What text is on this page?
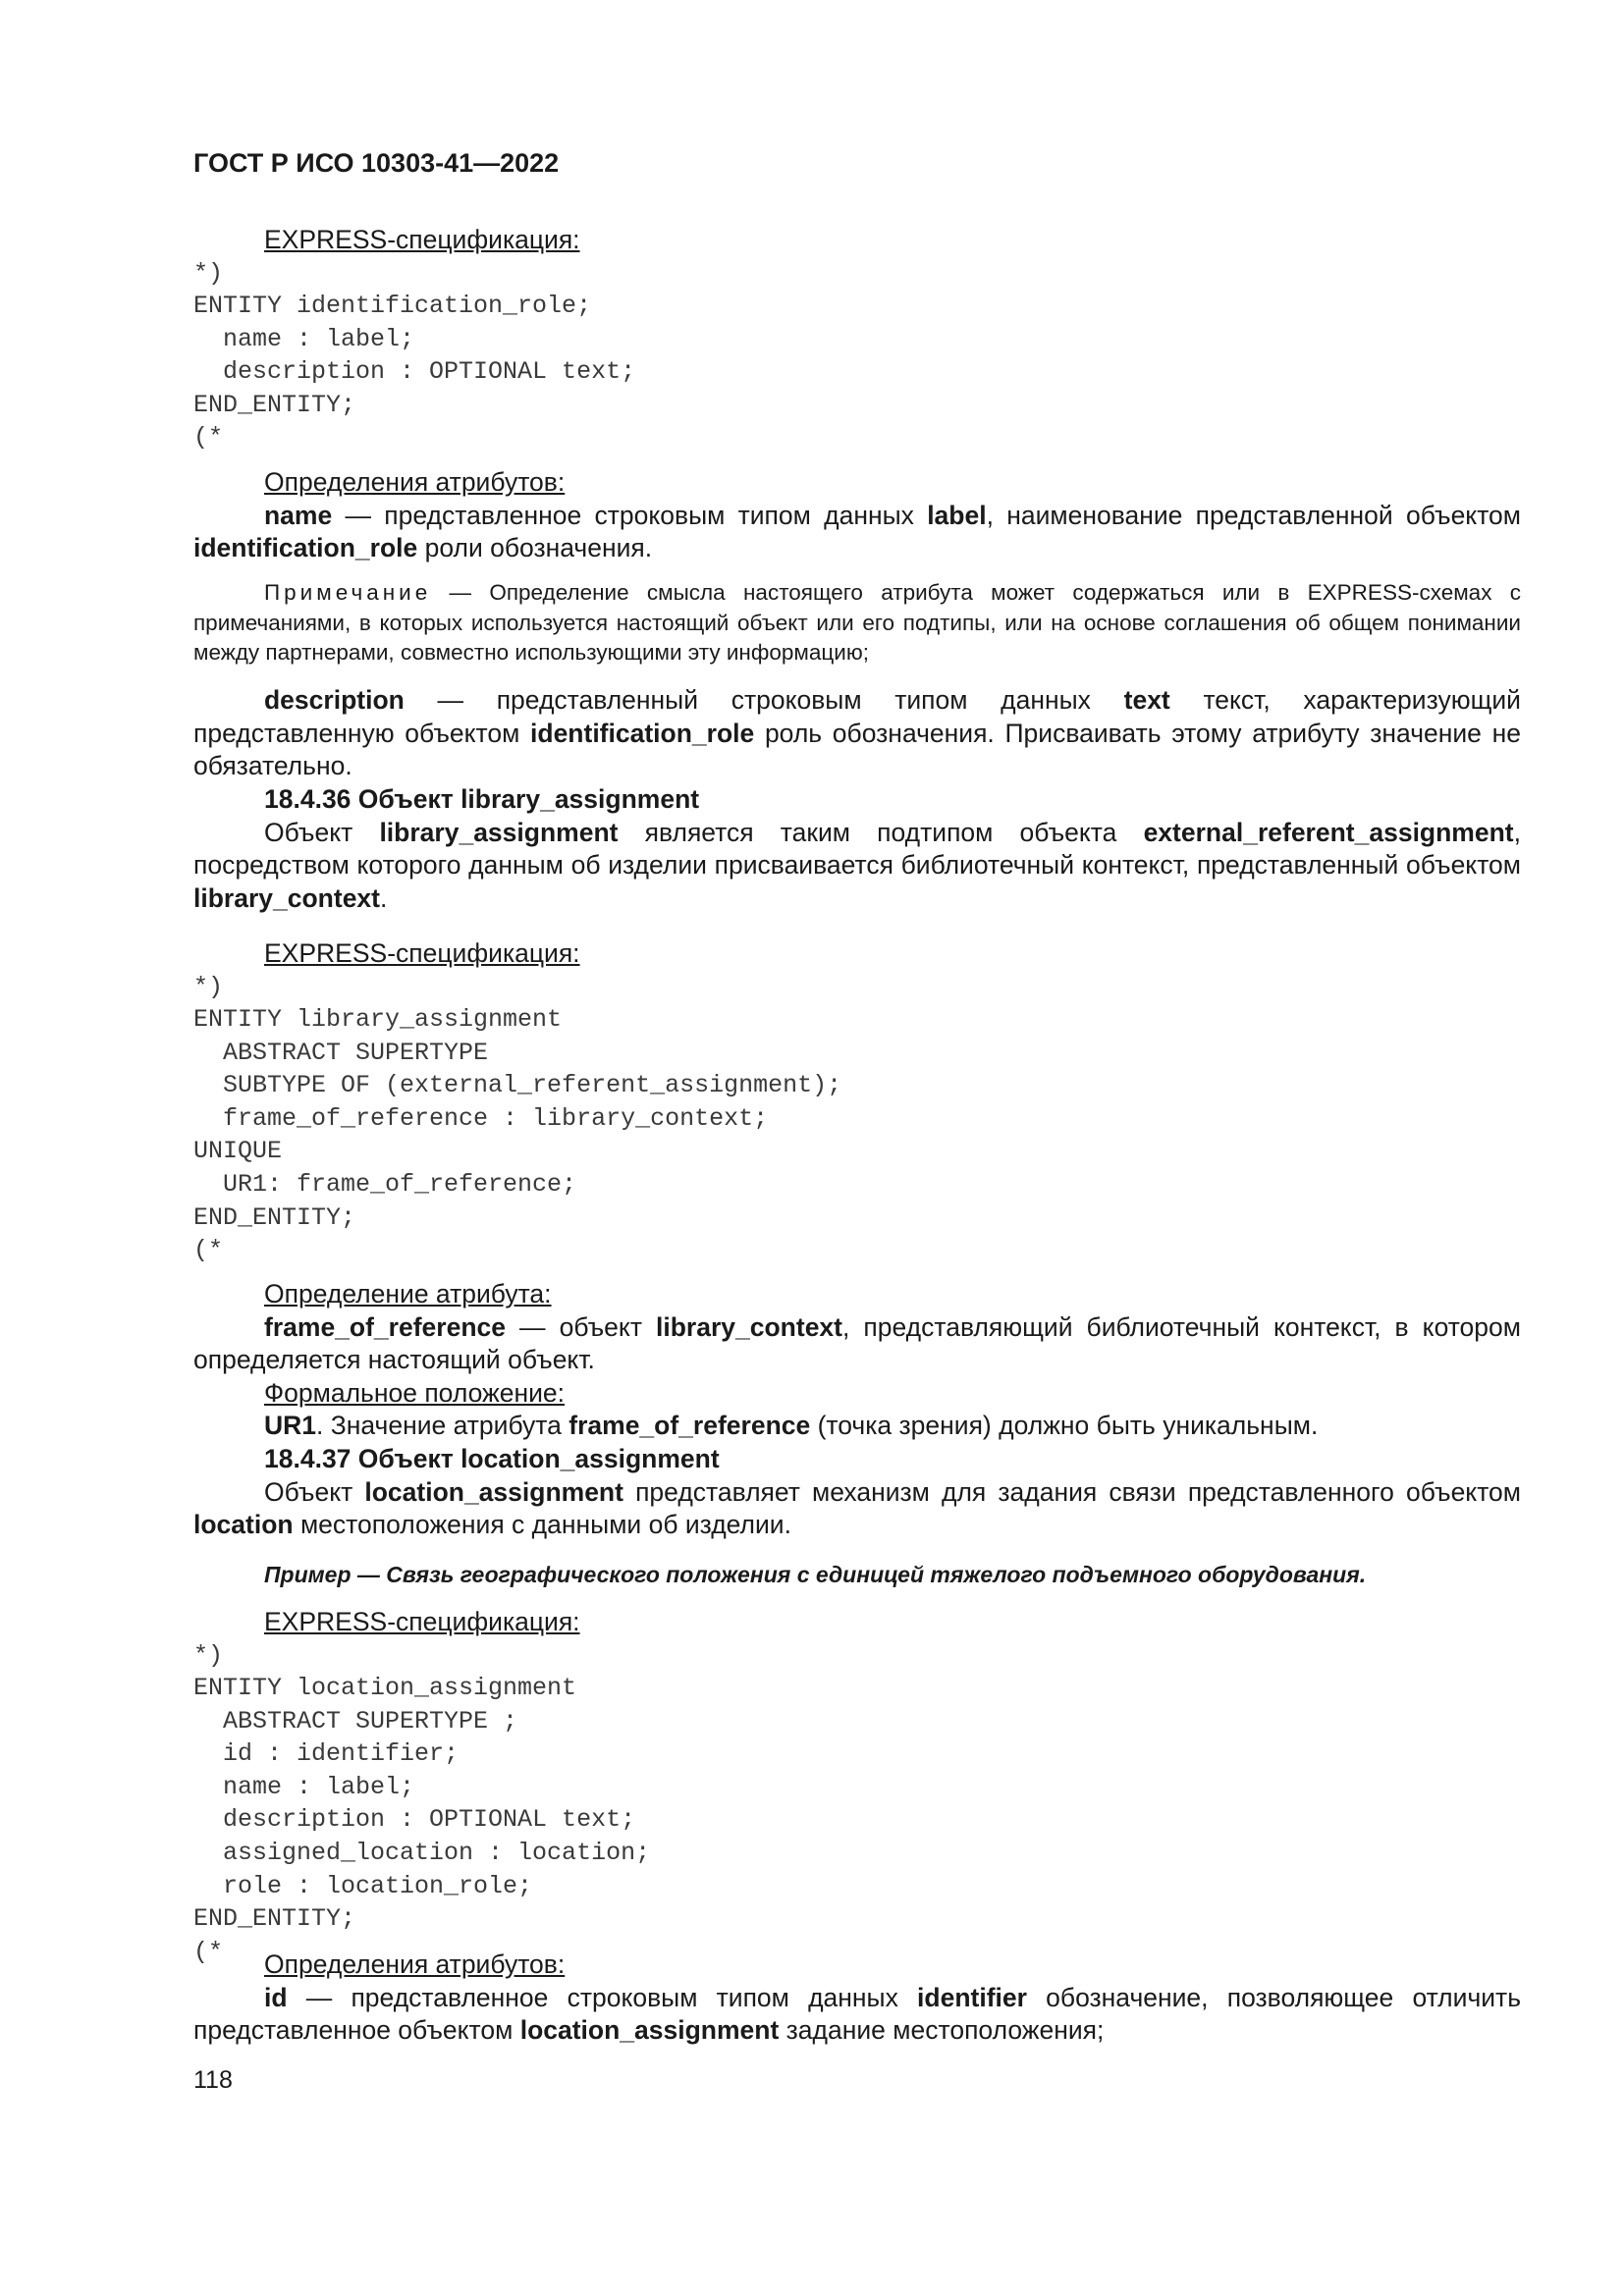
ГОСТ Р ИСО 10303-41—2022

EXPRESS-спецификация:

*)
ENTITY identification_role;
name : label;
description : OPTIONAL text;
END_ENTITY;
(*

Определения атрибутов:

name — представленное строковым типом данных label, наименование представленной объектом identification_role роли обозначения.

Примечание — Определение смысла настоящего атрибута может содержаться или в EXPRESS-схемах с примечаниями, в которых используется настоящий объект или его подтипы, или на основе соглашения об общем понимании между партнерами, совместно использующими эту информацию;

description — представленный строковым типом данных text текст, характеризующий представленную объектом identification_role роль обозначения. Присваивать этому атрибуту значение не обязательно.

18.4.36 Объект library_assignment

Объект library_assignment является таким подтипом объекта external_referent_assignment, посредством которого данным об изделии присваивается библиотечный контекст, представленный объектом library_context.

EXPRESS-спецификация:

*)
ENTITY library_assignment
ABSTRACT SUPERTYPE
SUBTYPE OF (external_referent_assignment);
frame_of_reference : library_context;
UNIQUE
UR1: frame_of_reference;
END_ENTITY;
(*

Определение атрибута:

frame_of_reference — объект library_context, представляющий библиотечный контекст, в котором определяется настоящий объект.

Формальное положение:

UR1. Значение атрибута frame_of_reference (точка зрения) должно быть уникальным.

18.4.37 Объект location_assignment

Объект location_assignment представляет механизм для задания связи представленного объектом location местоположения с данными об изделии.

Пример — Связь географического положения с единицей тяжелого подъемного оборудования.

EXPRESS-спецификация:

*)
ENTITY location_assignment
ABSTRACT SUPERTYPE ;
id : identifier;
name : label;
description : OPTIONAL text;
assigned_location : location;
role : location_role;
END_ENTITY;
(*	Определения атрибутов:

id — представленное строковым типом данных identifier обозначение, позволяющее отличить представленное объектом location_assignment задание местоположения;

118
